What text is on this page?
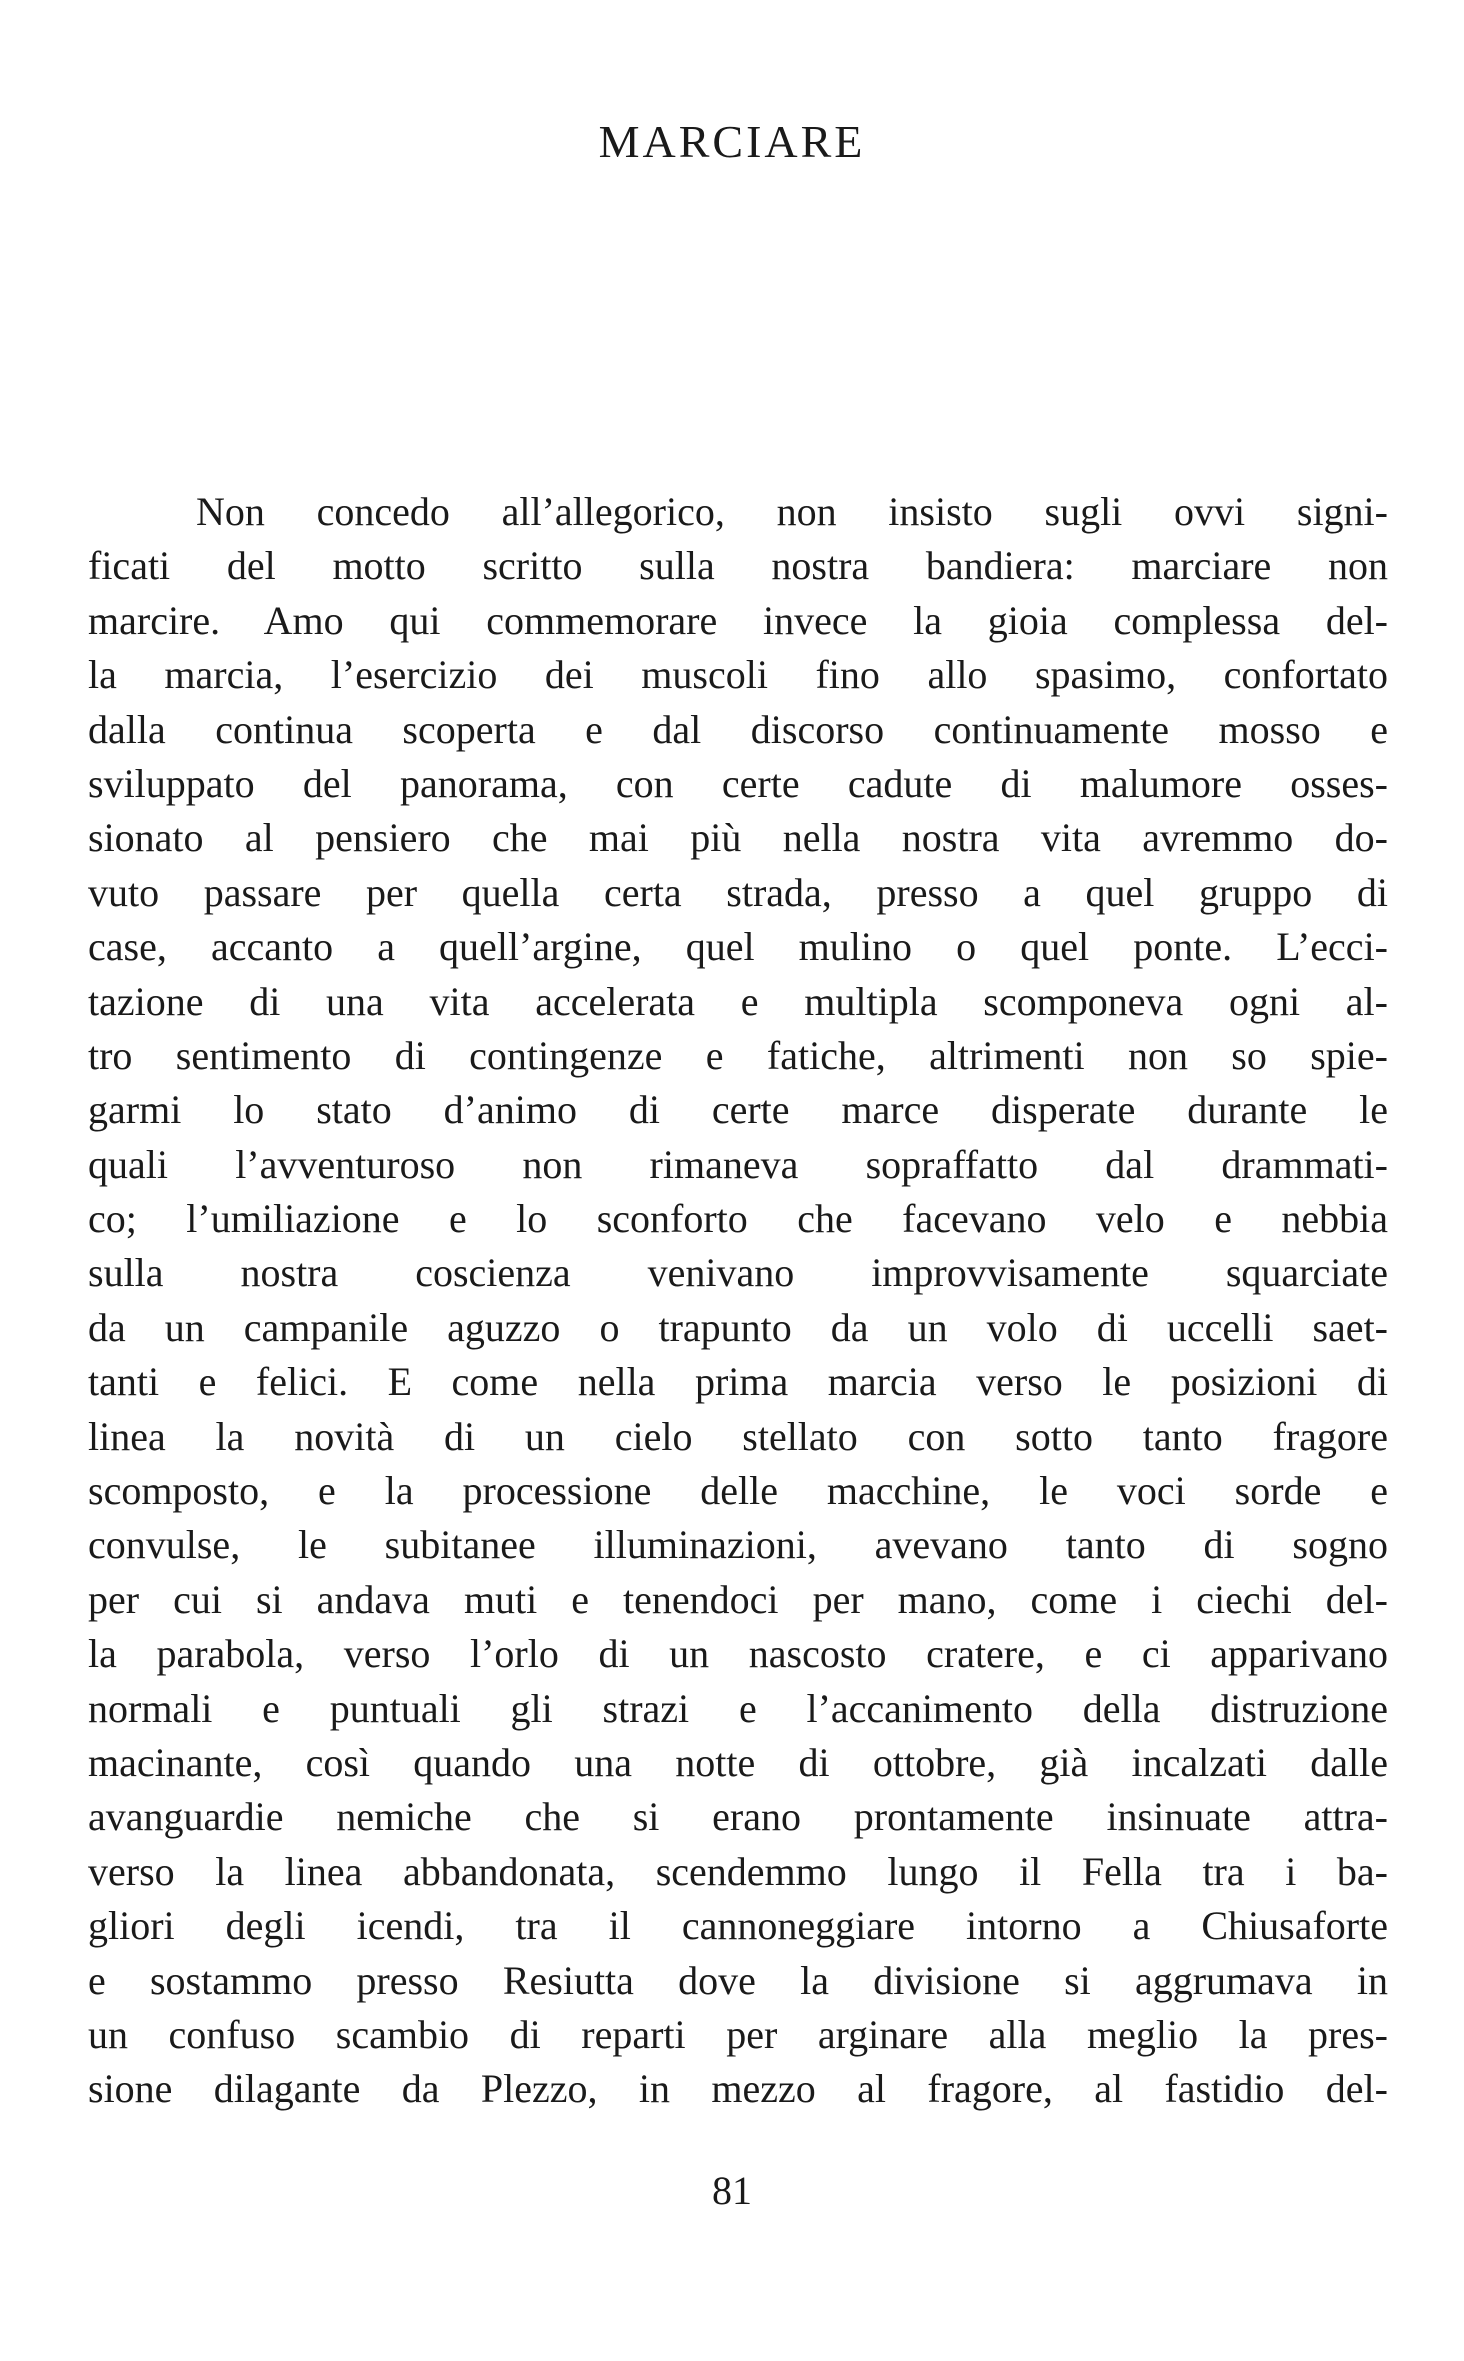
MARCIARE
Non concedo all’allegorico, non insisto sugli ovvi signi-
ficati del motto scritto sulla nostra bandiera: marciare non
marcire. Amo qui commemorare invece la gioia complessa del-
la marcia, l’esercizio dei muscoli fino allo spasimo, confortato
dalla continua scoperta e dal discorso continuamente mosso e
sviluppato del panorama, con certe cadute di malumore osses-
sionato al pensiero che mai più nella nostra vita avremmo do-
vuto passare per quella certa strada, presso a quel gruppo di
case, accanto a quell’argine, quel mulino o quel ponte. L’ecci-
tazione di una vita accelerata e multipla scomponeva ogni al-
tro sentimento di contingenze e fatiche, altrimenti non so spie-
garmi lo stato d’animo di certe marce disperate durante le
quali l’avventuroso non rimaneva sopraffatto dal drammati-
co; l’umiliazione e lo sconforto che facevano velo e nebbia
sulla nostra coscienza venivano improvvisamente squarciate
da un campanile aguzzo o trapunto da un volo di uccelli saet-
tanti e felici. E come nella prima marcia verso le posizioni di
linea la novità di un cielo stellato con sotto tanto fragore
scomposto, e la processione delle macchine, le voci sorde e
convulse, le subitanee illuminazioni, avevano tanto di sogno
per cui si andava muti e tenendoci per mano, come i ciechi del-
la parabola, verso l’orlo di un nascosto cratere, e ci apparivano
normali e puntuali gli strazi e l’accanimento della distruzione
macinante, così quando una notte di ottobre, già incalzati dalle
avanguardie nemiche che si erano prontamente insinuate attra-
verso la linea abbandonata, scendemmo lungo il Fella tra i ba-
gliori degli icendi, tra il cannoneggiare intorno a Chiusaforte
e sostammo presso Resiutta dove la divisione si aggrumava in
un confuso scambio di reparti per arginare alla meglio la pres-
sione dilagante da Plezzo, in mezzo al fragore, al fastidio del-
81
